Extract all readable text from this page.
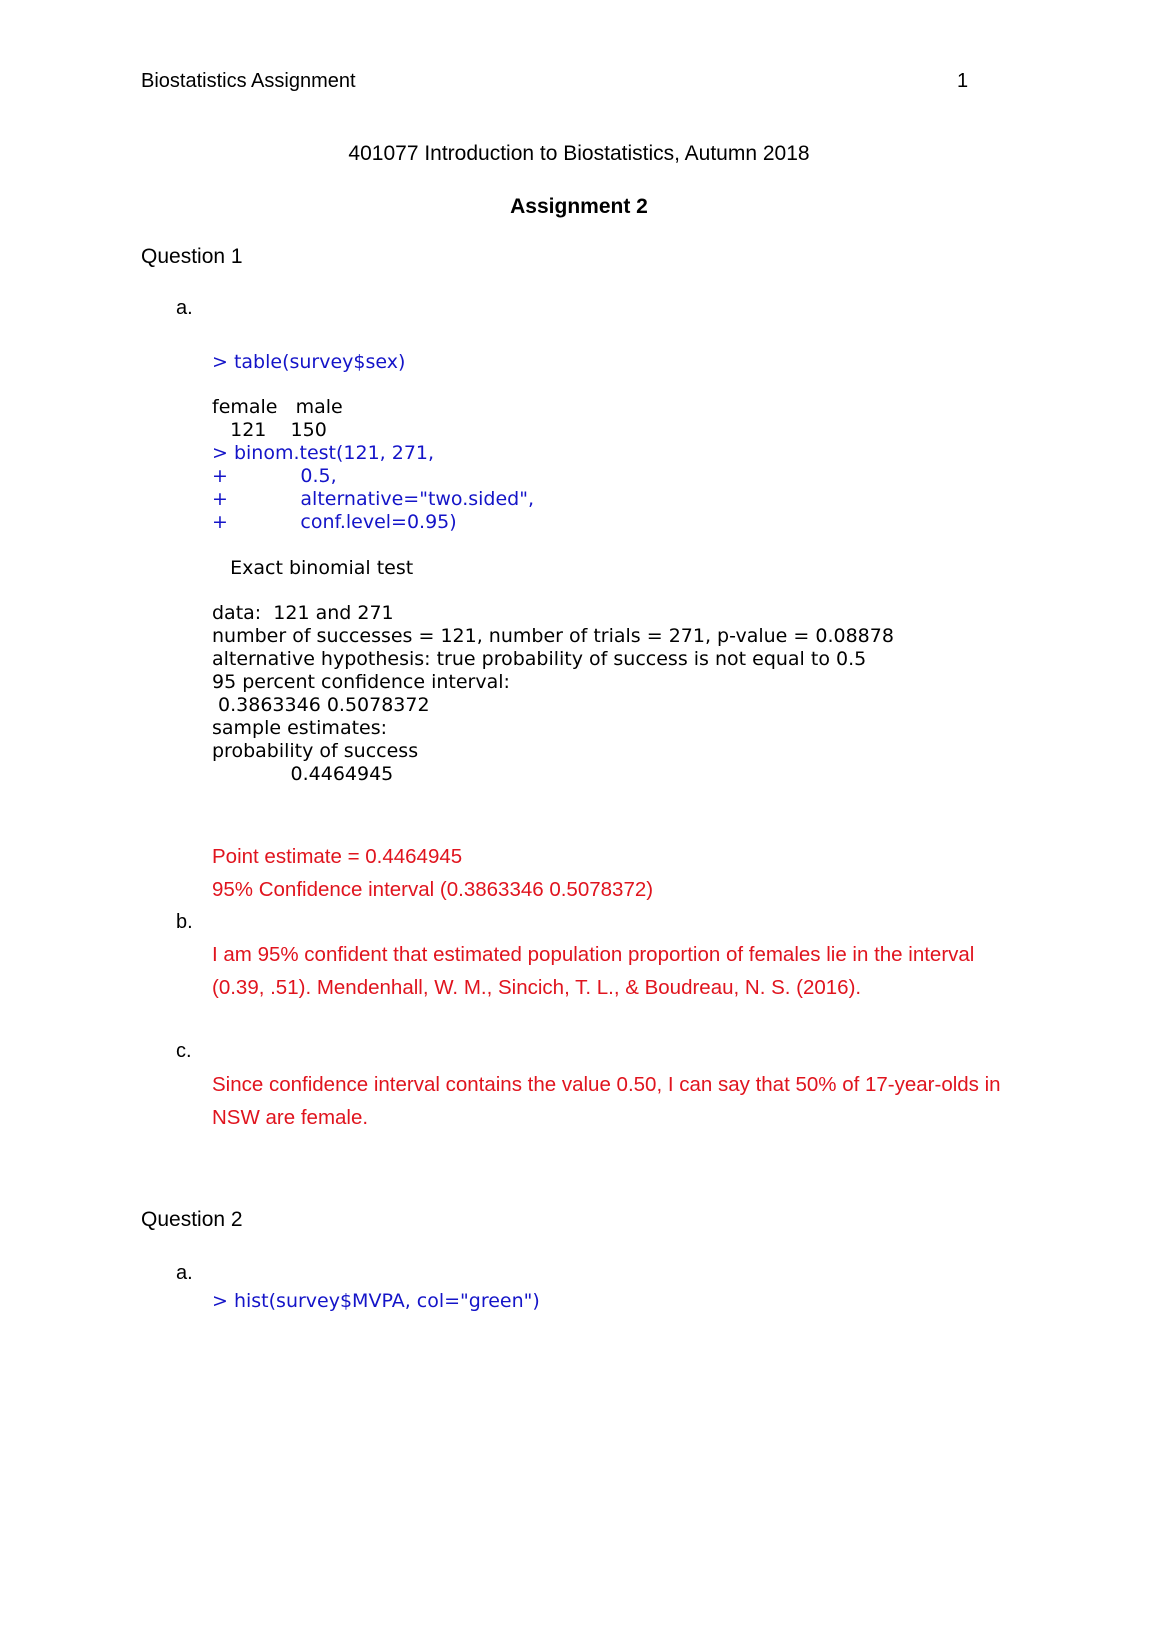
Biostatistics Assignment	1
401077 Introduction to Biostatistics, Autumn 2018
Assignment 2
Question 1
a.
> table(survey$sex)
female   male
121    150
> binom.test(121, 271,
+            0.5,
+            alternative="two.sided",
+            conf.level=0.95)
Exact binomial test
data:  121 and 271
number of successes = 121, number of trials = 271, p-value = 0.08878
alternative hypothesis: true probability of success is not equal to 0.5
95 percent confidence interval:
0.3863346 0.5078372
sample estimates:
probability of success
0.4464945
Point estimate = 0.4464945
95% Confidence interval (0.3863346 0.5078372)
b.
I am 95% confident that estimated population proportion of females lie in the interval (0.39, .51). Mendenhall, W. M., Sincich, T. L., & Boudreau, N. S. (2016).
c.
Since confidence interval contains the value 0.50, I can say that 50% of 17-year-olds in NSW are female.
Question 2
a.
> hist(survey$MVPA, col="green")
